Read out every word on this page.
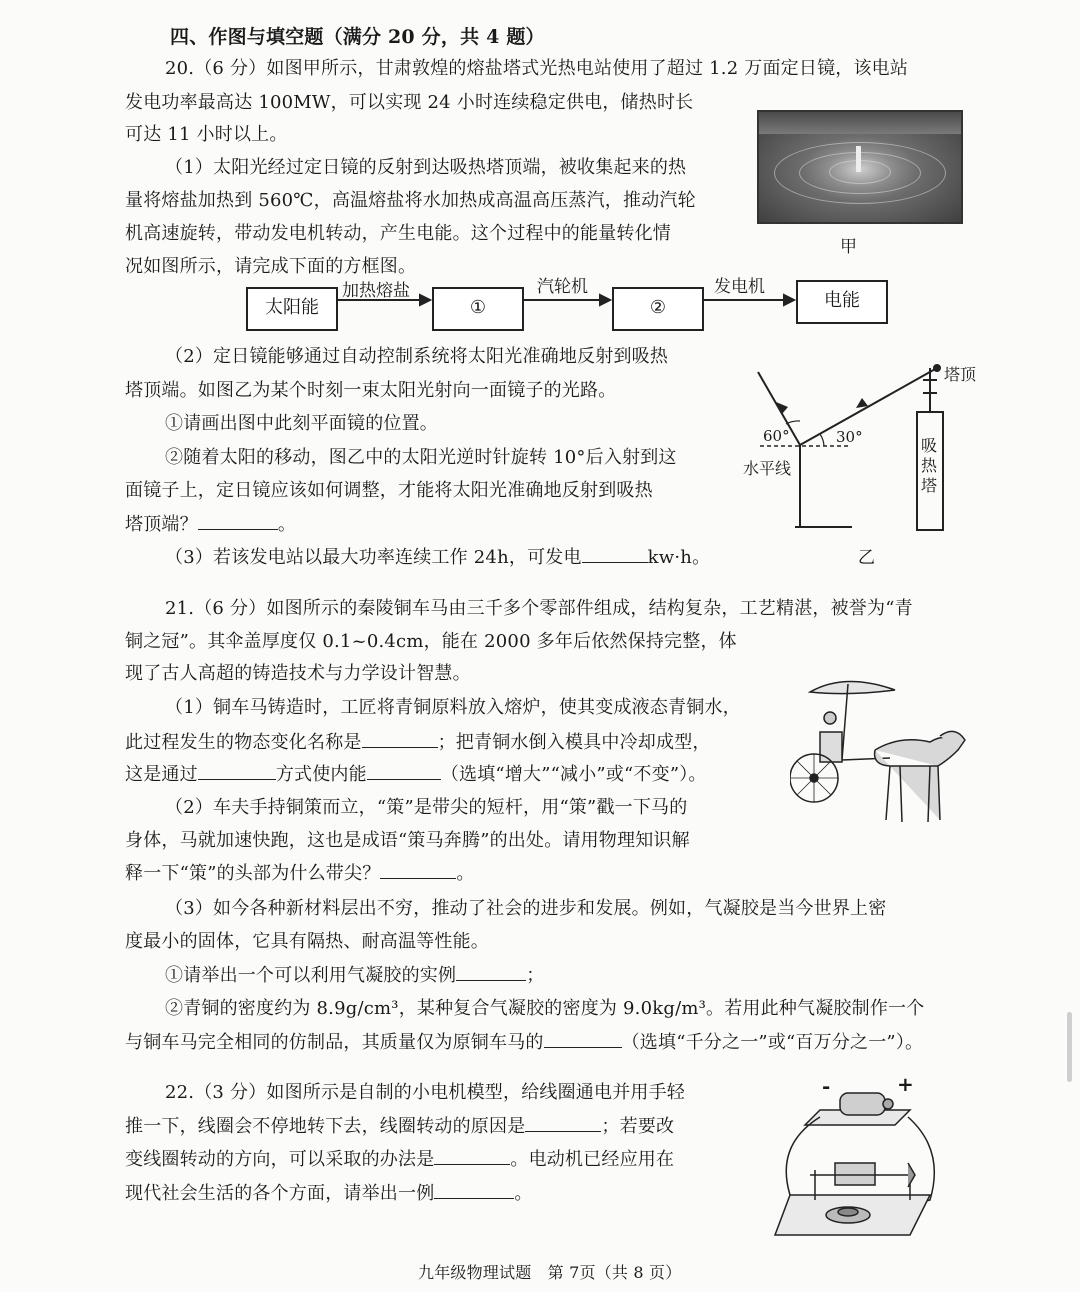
四、作图与填空题（满分 20 分，共 4 题）
20.（6 分）如图甲所示，甘肃敦煌的熔盐塔式光热电站使用了超过 1.2 万面定日镜，该电站
发电功率最高达 100MW，可以实现 24 小时连续稳定供电，储热时长
可达 11 小时以上。
（1）太阳光经过定日镜的反射到达吸热塔顶端，被收集起来的热
量将熔盐加热到 560℃，高温熔盐将水加热成高温高压蒸汽，推动汽轮
机高速旋转，带动发电机转动，产生电能。这个过程中的能量转化情
况如图所示，请完成下面的方框图。
甲
太阳能	①	②	电能
加热熔盐	汽轮机	发电机
（2）定日镜能够通过自动控制系统将太阳光准确地反射到吸热
塔顶端。如图乙为某个时刻一束太阳光射向一面镜子的光路。
①请画出图中此刻平面镜的位置。
②随着太阳的移动，图乙中的太阳光逆时针旋转 10°后入射到这
面镜子上，定日镜应该如何调整，才能将太阳光准确地反射到吸热
塔顶端？	。
（3）若该发电站以最大功率连续工作 24h，可发电	kw·h。
60°	30°
水平线
塔顶
吸热塔
乙
21.（6 分）如图所示的秦陵铜车马由三千多个零部件组成，结构复杂，工艺精湛，被誉为“青
铜之冠”。其伞盖厚度仅 0.1~0.4cm，能在 2000 多年后依然保持完整，体
现了古人高超的铸造技术与力学设计智慧。
（1）铜车马铸造时，工匠将青铜原料放入熔炉，使其变成液态青铜水，
此过程发生的物态变化名称是	；把青铜水倒入模具中冷却成型，
这是通过	方式使内能	（选填“增大”“减小”或“不变”）。
（2）车夫手持铜策而立，“策”是带尖的短杆，用“策”戳一下马的
身体，马就加速快跑，这也是成语“策马奔腾”的出处。请用物理知识解
释一下“策”的头部为什么带尖？	。
（3）如今各种新材料层出不穷，推动了社会的进步和发展。例如，气凝胶是当今世界上密
度最小的固体，它具有隔热、耐高温等性能。
①请举出一个可以利用气凝胶的实例	；
②青铜的密度约为 8.9g/cm³，某种复合气凝胶的密度为 9.0kg/m³。若用此种气凝胶制作一个
与铜车马完全相同的仿制品，其质量仅为原铜车马的	（选填“千分之一”或“百万分之一”）。
22.（3 分）如图所示是自制的小电机模型，给线圈通电并用手轻
推一下，线圈会不停地转下去，线圈转动的原因是	；若要改
变线圈转动的方向，可以采取的办法是	。电动机已经应用在
现代社会生活的各个方面，请举出一例	。
-	+
九年级物理试题　第 7页（共 8 页）
